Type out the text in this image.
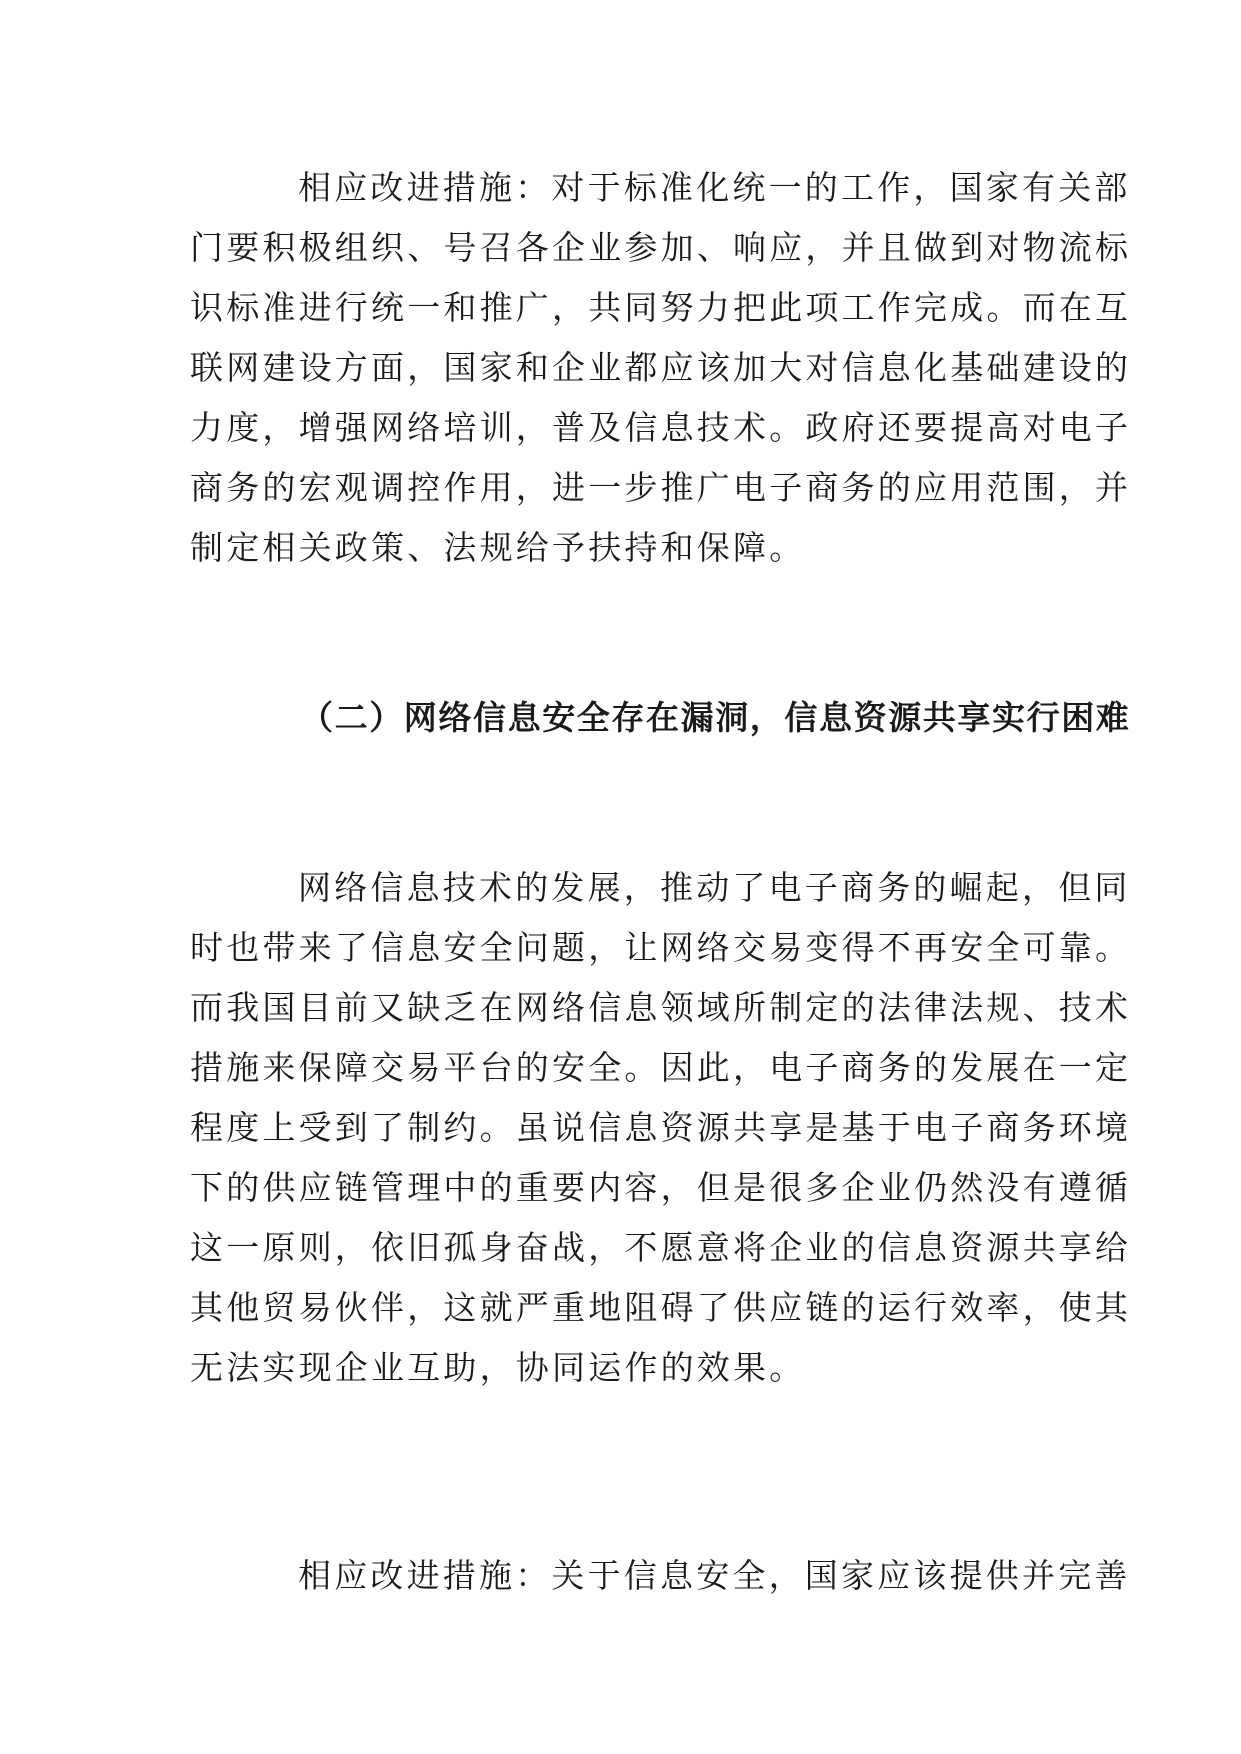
相应改进措施：对于标准化统一的工作，国家有关部
门要积极组织、号召各企业参加、响应，并且做到对物流标
识标准进行统一和推广，共同努力把此项工作完成。而在互
联网建设方面，国家和企业都应该加大对信息化基础建设的
力度，增强网络培训，普及信息技术。政府还要提高对电子
商务的宏观调控作用，进一步推广电子商务的应用范围，并
制定相关政策、法规给予扶持和保障。
（二）网络信息安全存在漏洞，信息资源共享实行困难
网络信息技术的发展，推动了电子商务的崛起，但同
时也带来了信息安全问题，让网络交易变得不再安全可靠。
而我国目前又缺乏在网络信息领域所制定的法律法规、技术
措施来保障交易平台的安全。因此，电子商务的发展在一定
程度上受到了制约。虽说信息资源共享是基于电子商务环境
下的供应链管理中的重要内容，但是很多企业仍然没有遵循
这一原则，依旧孤身奋战，不愿意将企业的信息资源共享给
其他贸易伙伴，这就严重地阻碍了供应链的运行效率，使其
无法实现企业互助，协同运作的效果。
相应改进措施：关于信息安全，国家应该提供并完善
